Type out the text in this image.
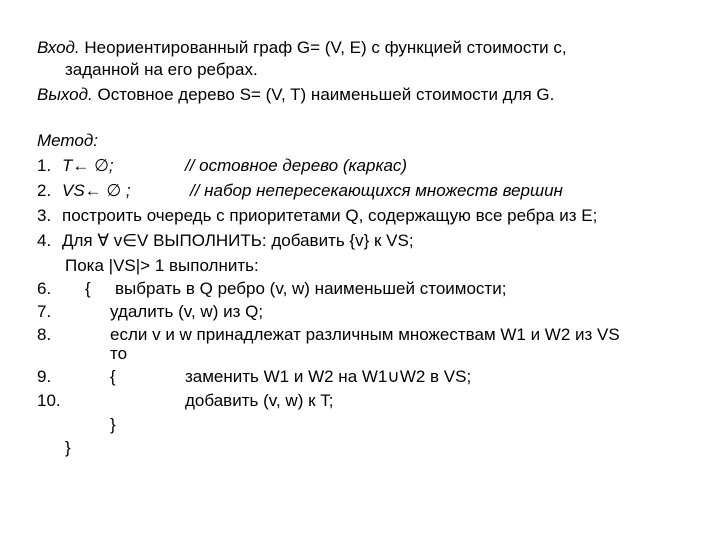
Вход. Неориентированный граф G= (V, E) с функцией стоимости c,
заданной на его ребрах.
Выход. Остовное дерево S= (V, T) наименьшей стоимости для G.
Метод:
1. T← ∅;	// остовное дерево (каркас)
2. VS← ∅ ;	// набор непересекающихся множеств вершин
3. построить очередь с приоритетами Q, содержащую все ребра из E;
4. Для ∀ v∈V ВЫПОЛНИТЬ: добавить {v} к VS;
Пока |VS|> 1 выполнить:
6. { выбрать в Q ребро (v, w) наименьшей стоимости;
7.	удалить (v, w) из Q;
8.	если v и w принадлежат различным множествам W1 и W2 из VS
то
9.	{	заменить W1 и W2 на W1∪W2 в VS;
10.	добавить (v, w) к T;
}
}
